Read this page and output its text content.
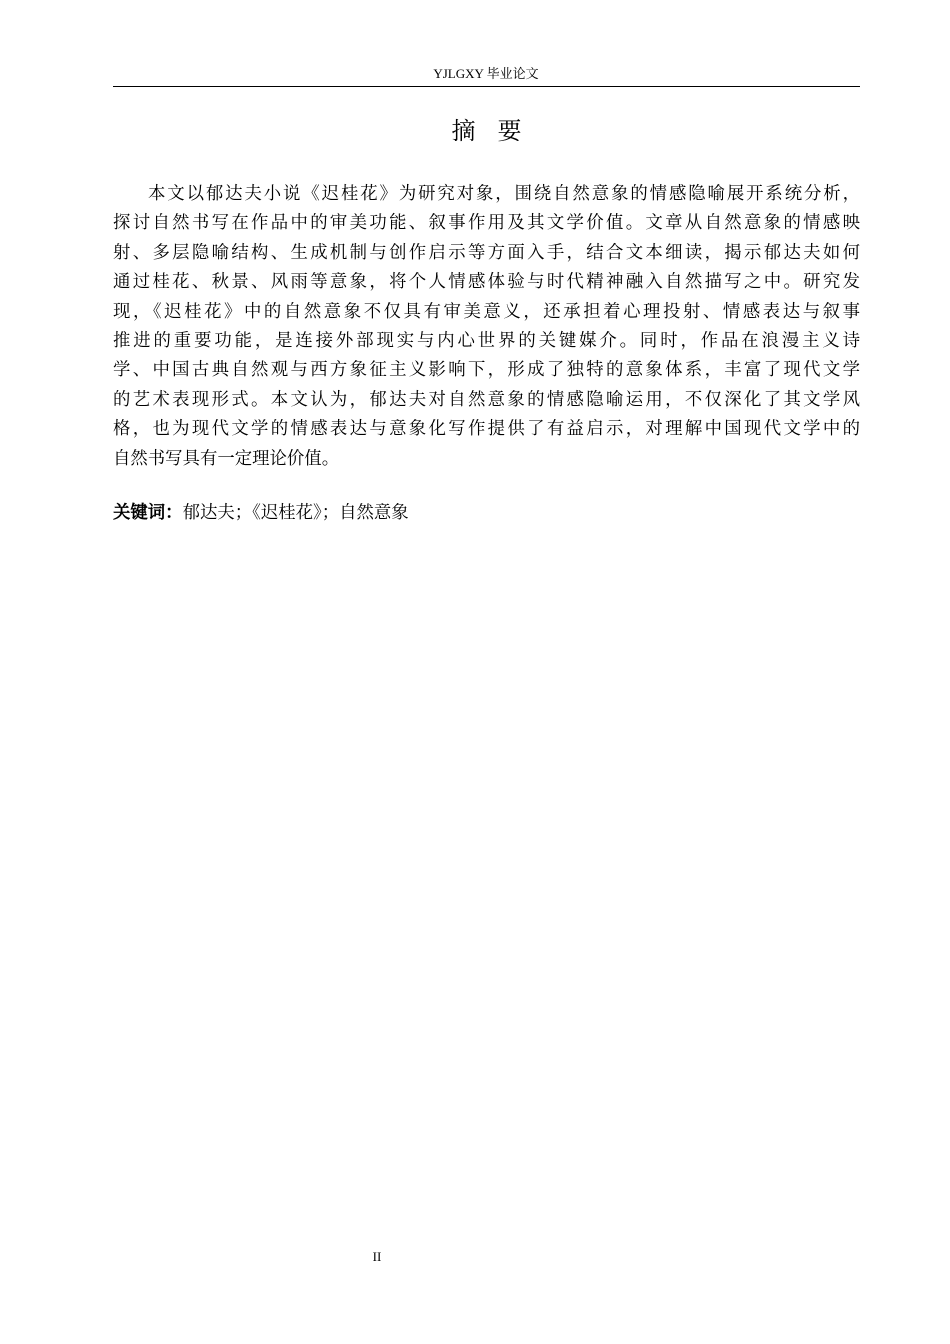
YJLGXY 毕业论文
摘 要
本文以郁达夫小说《迟桂花》为研究对象，围绕自然意象的情感隐喻展开系统分析，
探讨自然书写在作品中的审美功能、叙事作用及其文学价值。文章从自然意象的情感映
射、多层隐喻结构、生成机制与创作启示等方面入手，结合文本细读，揭示郁达夫如何
通过桂花、秋景、风雨等意象，将个人情感体验与时代精神融入自然描写之中。研究发
现，《迟桂花》中的自然意象不仅具有审美意义，还承担着心理投射、情感表达与叙事
推进的重要功能，是连接外部现实与内心世界的关键媒介。同时，作品在浪漫主义诗
学、中国古典自然观与西方象征主义影响下，形成了独特的意象体系，丰富了现代文学
的艺术表现形式。本文认为，郁达夫对自然意象的情感隐喻运用，不仅深化了其文学风
格，也为现代文学的情感表达与意象化写作提供了有益启示，对理解中国现代文学中的
自然书写具有一定理论价值。
关键词：郁达夫；《迟桂花》；自然意象
II
